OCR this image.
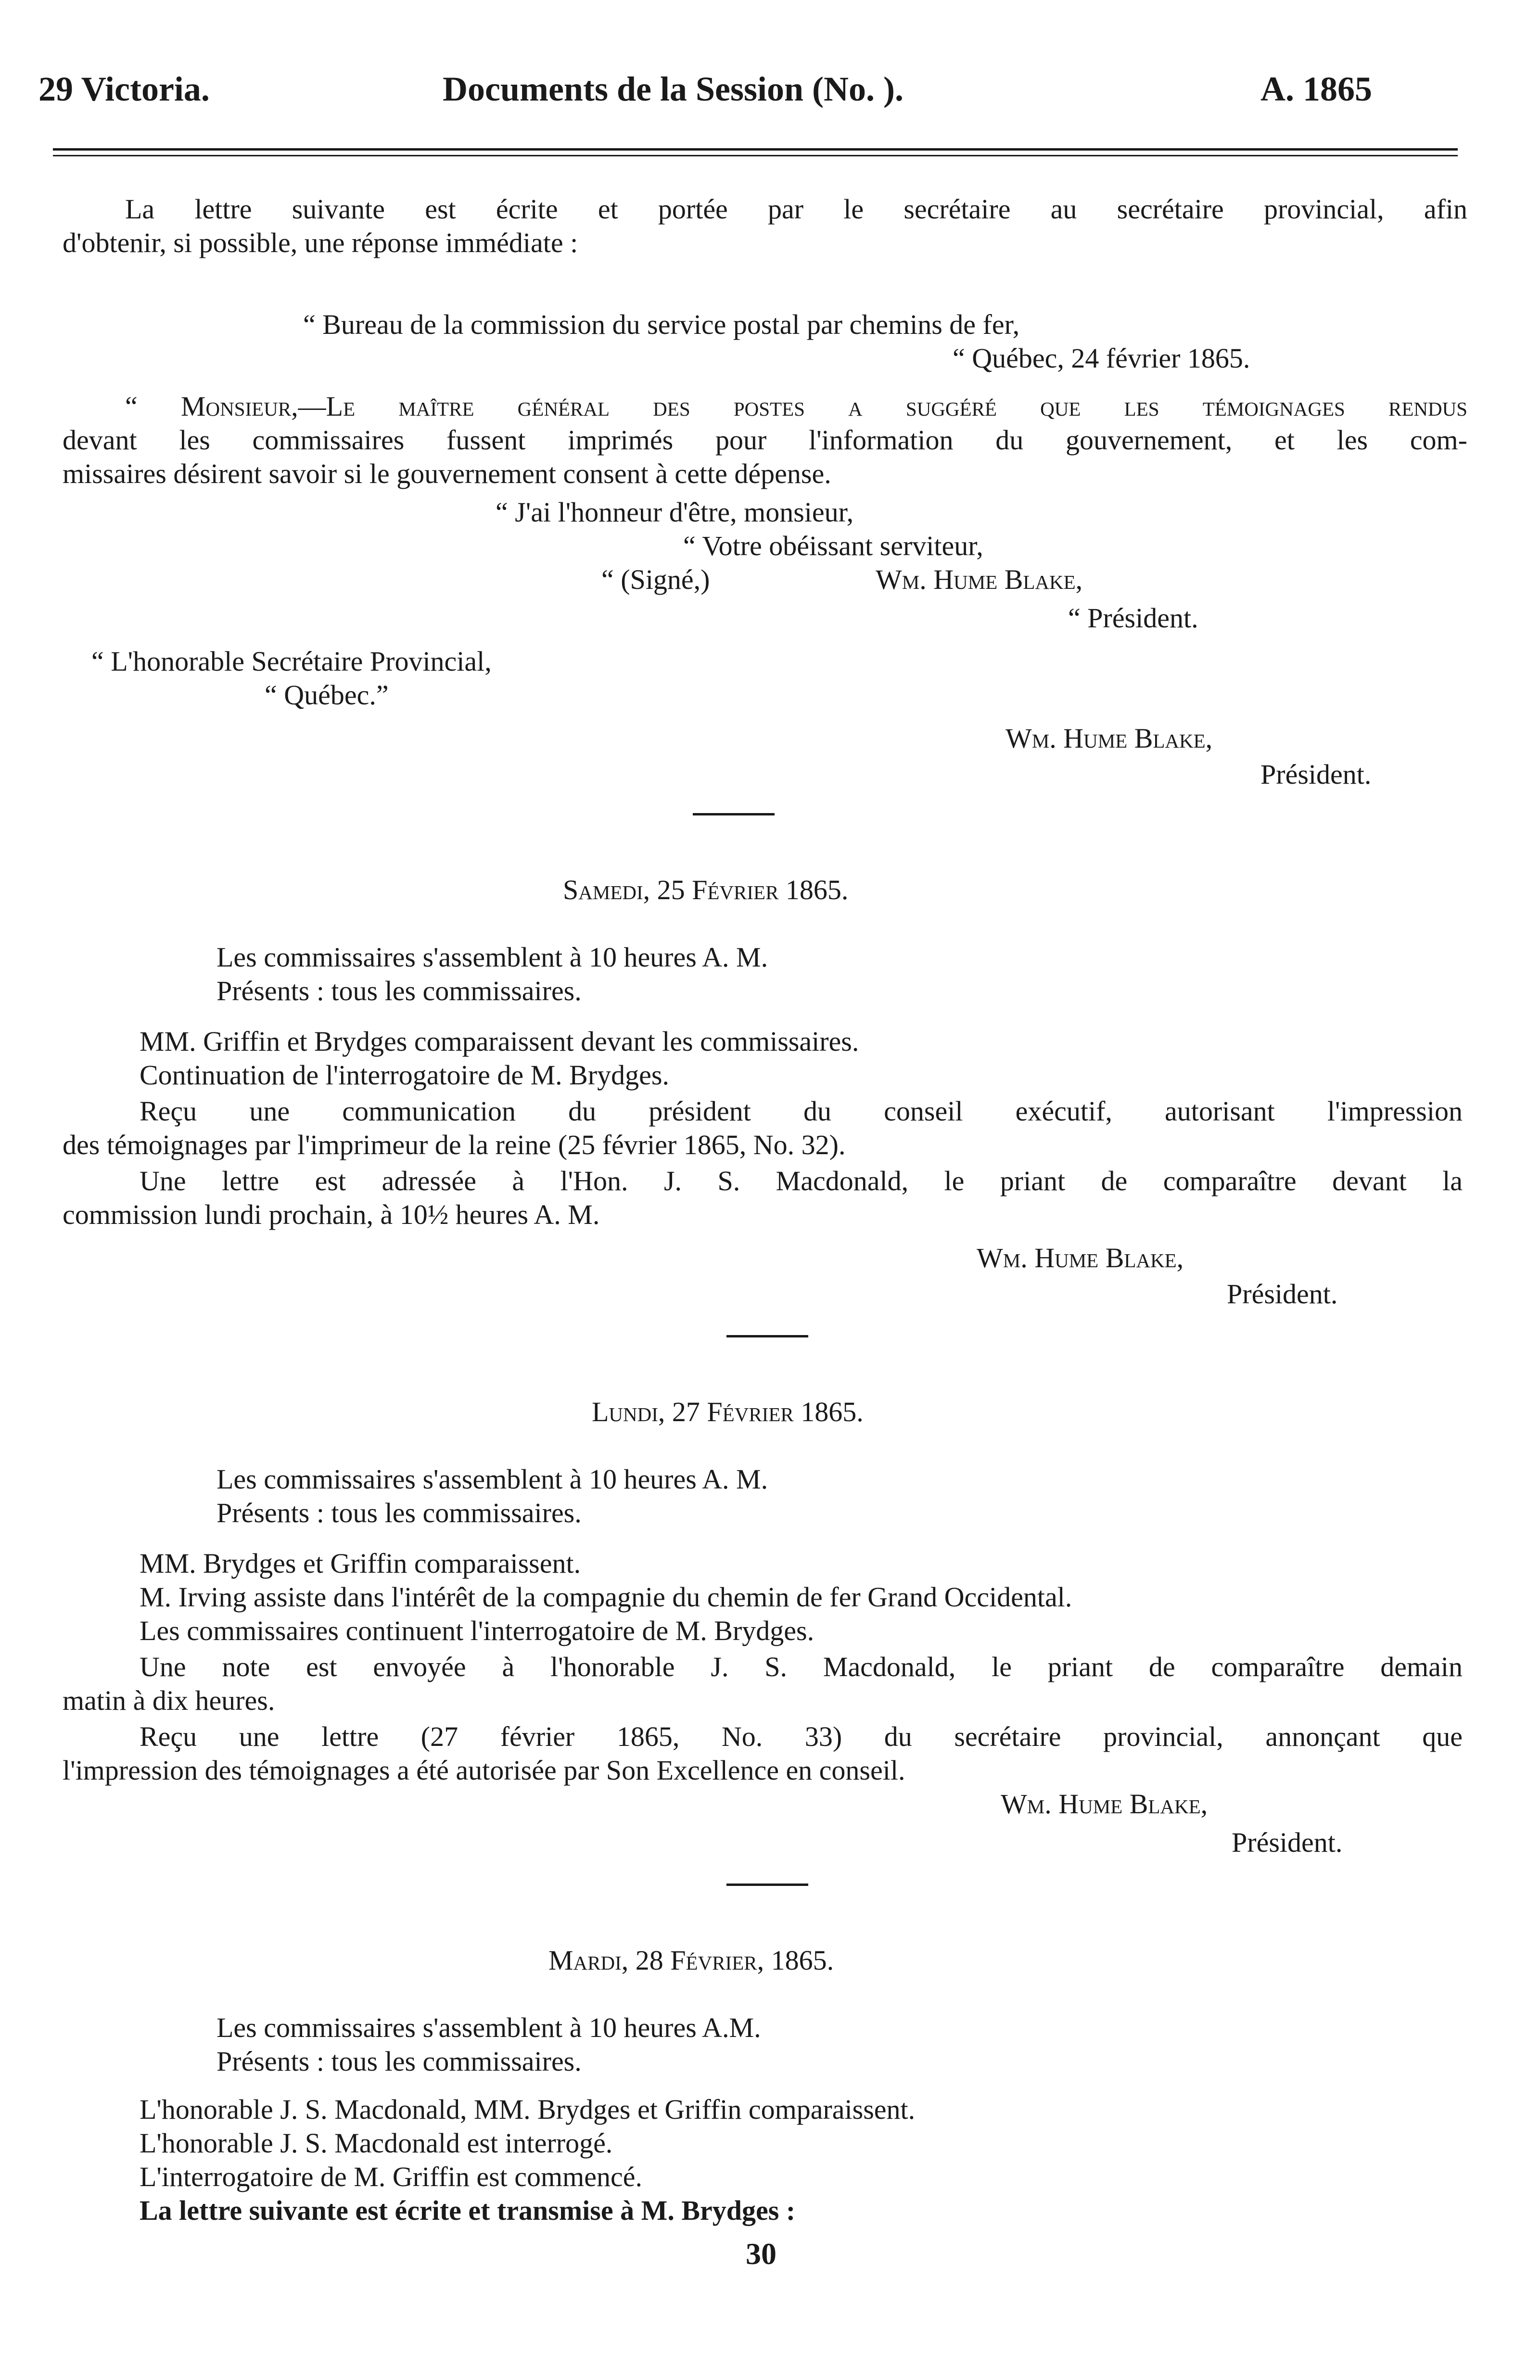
29 Victoria.	Documents de la Session (No. ).	A. 1865
La lettre suivante est écrite et portée par le secrétaire au secrétaire provincial, afin
d'obtenir, si possible, une réponse immédiate :
“ Bureau de la commission du service postal par chemins de fer,
“ Québec, 24 février 1865.
“ Monsieur,—Le maître général des postes a suggéré que les témoignages rendus
devant les commissaires fussent imprimés pour l'information du gouvernement, et les com-
missaires désirent savoir si le gouvernement consent à cette dépense.
“ J'ai l'honneur d'être, monsieur,
“ Votre obéissant serviteur,
“ (Signé,)	Wm. Hume Blake,
“ Président.
“ L'honorable Secrétaire Provincial,
“ Québec.”
Wm. Hume Blake,
Président.
Samedi, 25 Février 1865.
Les commissaires s'assemblent à 10 heures A. M.
Présents : tous les commissaires.
MM. Griffin et Brydges comparaissent devant les commissaires.
Continuation de l'interrogatoire de M. Brydges.
Reçu une communication du président du conseil exécutif, autorisant l'impression
des témoignages par l'imprimeur de la reine (25 février 1865, No. 32).
Une lettre est adressée à l'Hon. J. S. Macdonald, le priant de comparaître devant la
commission lundi prochain, à 10½ heures A. M.
Wm. Hume Blake,
Président.
Lundi, 27 Février 1865.
Les commissaires s'assemblent à 10 heures A. M.
Présents : tous les commissaires.
MM. Brydges et Griffin comparaissent.
M. Irving assiste dans l'intérêt de la compagnie du chemin de fer Grand Occidental.
Les commissaires continuent l'interrogatoire de M. Brydges.
Une note est envoyée à l'honorable J. S. Macdonald, le priant de comparaître demain
matin à dix heures.
Reçu une lettre (27 février 1865, No. 33) du secrétaire provincial, annonçant que
l'impression des témoignages a été autorisée par Son Excellence en conseil.
Wm. Hume Blake,
Président.
Mardi, 28 Février, 1865.
Les commissaires s'assemblent à 10 heures A.M.
Présents : tous les commissaires.
L'honorable J. S. Macdonald, MM. Brydges et Griffin comparaissent.
L'honorable J. S. Macdonald est interrogé.
L'interrogatoire de M. Griffin est commencé.
La lettre suivante est écrite et transmise à M. Brydges :
30
